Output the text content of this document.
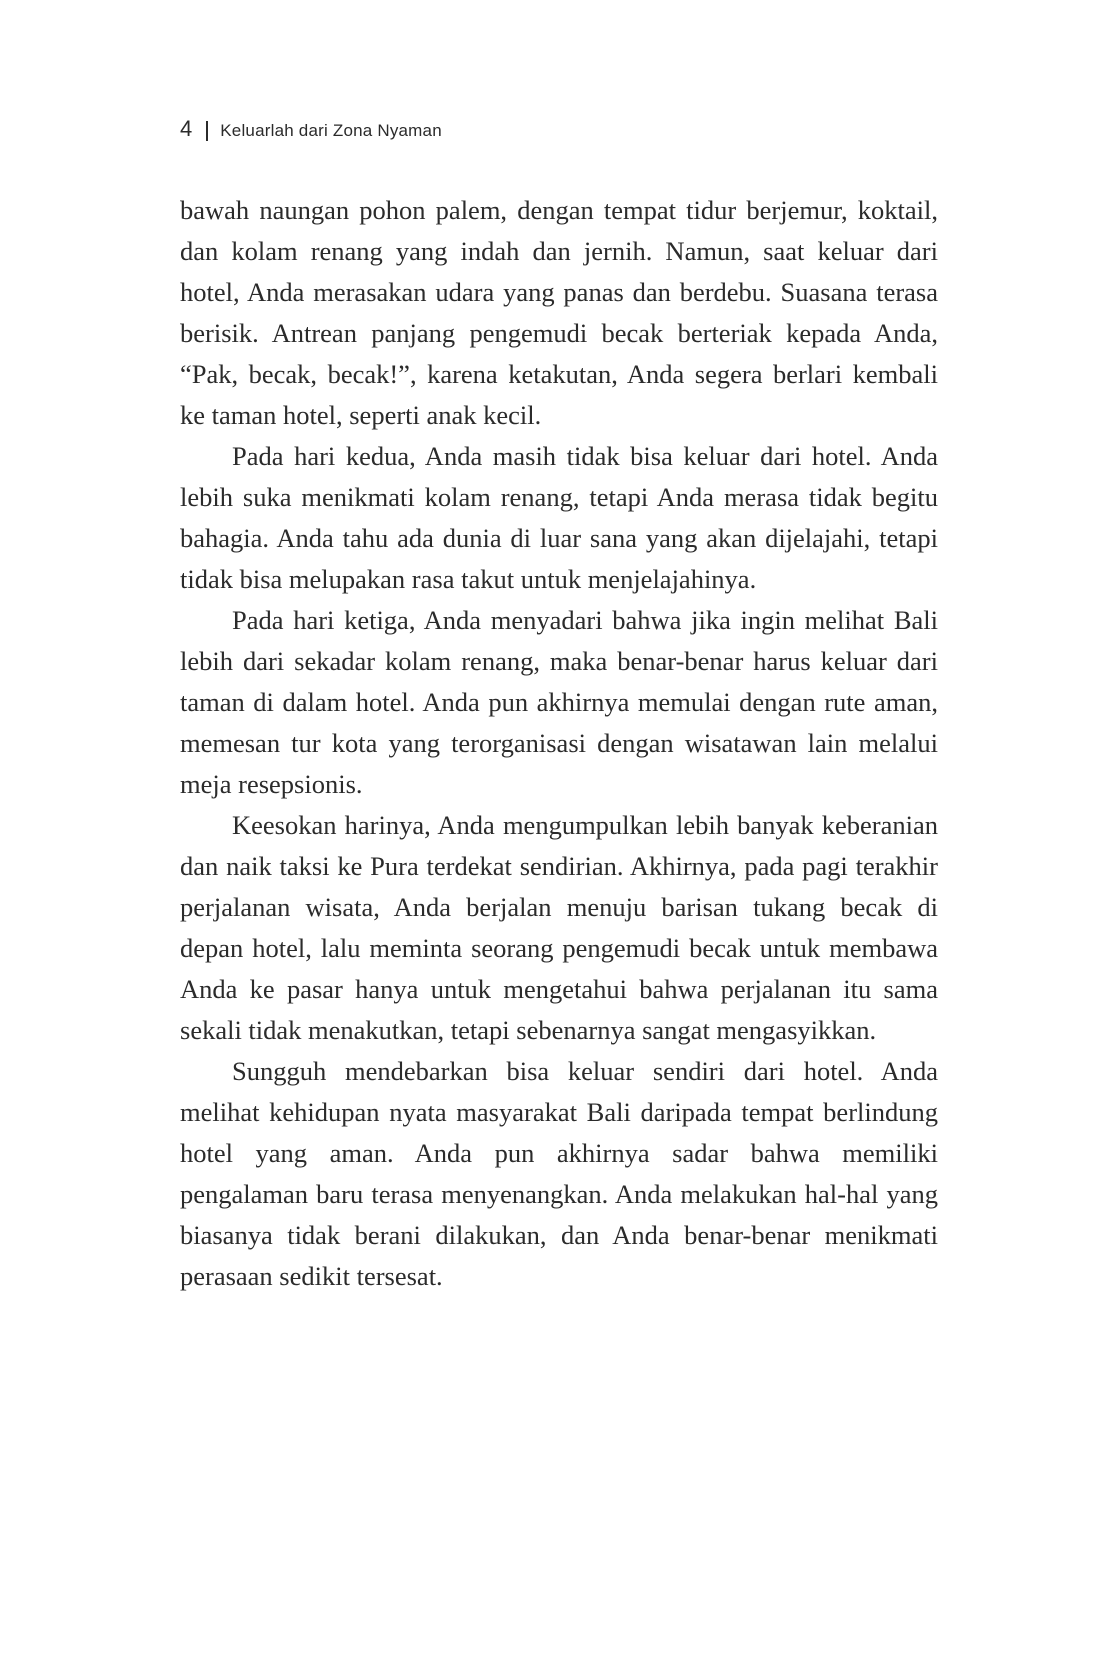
4 Keluarlah dari Zona Nyaman

bawah naungan pohon palem, dengan tempat tidur berjemur, koktail, dan kolam renang yang indah dan jernih. Namun, saat keluar dari hotel, Anda merasakan udara yang panas dan berdebu. Suasana terasa berisik. Antrean panjang pengemudi becak berteriak kepada Anda, “Pak, becak, becak!”, karena ketakutan, Anda segera berlari kembali ke taman hotel, seperti anak kecil.

Pada hari kedua, Anda masih tidak bisa keluar dari hotel. Anda lebih suka menikmati kolam renang, tetapi Anda merasa tidak begitu bahagia. Anda tahu ada dunia di luar sana yang akan dijelajahi, tetapi tidak bisa melupakan rasa takut untuk menjelajahinya.

Pada hari ketiga, Anda menyadari bahwa jika ingin melihat Bali lebih dari sekadar kolam renang, maka benar-benar harus keluar dari taman di dalam hotel. Anda pun akhirnya memulai dengan rute aman, memesan tur kota yang terorganisasi dengan wisatawan lain melalui meja resepsionis.

Keesokan harinya, Anda mengumpulkan lebih banyak keberanian dan naik taksi ke Pura terdekat sendirian. Akhirnya, pada pagi terakhir perjalanan wisata, Anda berjalan menuju barisan tukang becak di depan hotel, lalu meminta seorang pengemudi becak untuk membawa Anda ke pasar hanya untuk mengetahui bahwa perjalanan itu sama sekali tidak menakutkan, tetapi sebenarnya sangat mengasyikkan.

Sungguh mendebarkan bisa keluar sendiri dari hotel. Anda melihat kehidupan nyata masyarakat Bali daripada tempat berlindung hotel yang aman. Anda pun akhirnya sadar bahwa memiliki pengalaman baru terasa menyenangkan. Anda melakukan hal-hal yang biasanya tidak berani dilakukan, dan Anda benar-benar menikmati perasaan sedikit tersesat.
